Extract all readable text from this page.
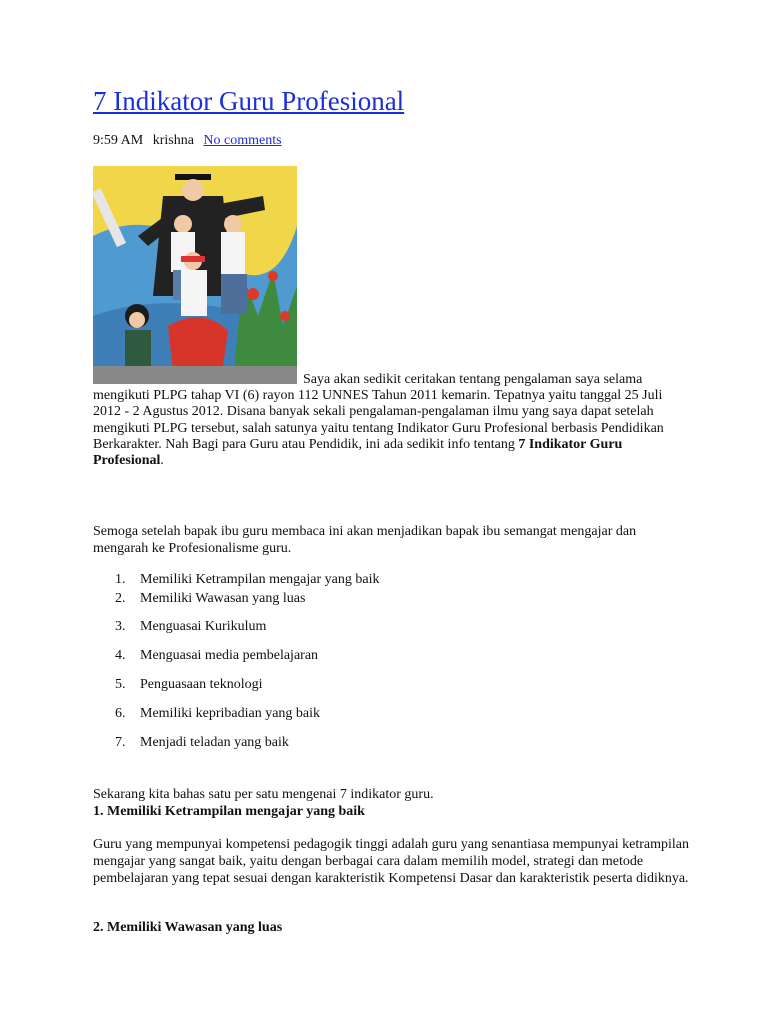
7 Indikator Guru Profesional
9:59 AM krishna No comments
Saya akan sedikit ceritakan tentang pengalaman saya selama mengikuti PLPG tahap VI (6) rayon 112 UNNES Tahun 2011 kemarin. Tepatnya yaitu tanggal 25 Juli 2012 - 2 Agustus 2012. Disana banyak sekali pengalaman-pengalaman ilmu yang saya dapat setelah mengikuti PLPG tersebut, salah satunya yaitu tentang Indikator Guru Profesional berbasis Pendidikan Berkarakter. Nah Bagi para Guru atau Pendidik, ini ada sedikit info tentang 7 Indikator Guru Profesional.
Semoga setelah bapak ibu guru membaca ini akan menjadikan bapak ibu semangat mengajar dan mengarah ke Profesionalisme guru.
1. Memiliki Ketrampilan mengajar yang baik
2. Memiliki Wawasan yang luas
3. Menguasai Kurikulum
4. Menguasai media pembelajaran
5. Penguasaan teknologi
6. Memiliki kepribadian yang baik
7. Menjadi teladan yang baik
Sekarang kita bahas satu per satu mengenai 7 indikator guru.
1. Memiliki Ketrampilan mengajar yang baik
Guru yang mempunyai kompetensi pedagogik tinggi adalah guru yang senantiasa mempunyai ketrampilan mengajar yang sangat baik, yaitu dengan berbagai cara dalam memilih model, strategi dan metode pembelajaran yang tepat sesuai dengan karakteristik Kompetensi Dasar dan karakteristik peserta didiknya.
2. Memiliki Wawasan yang luas
